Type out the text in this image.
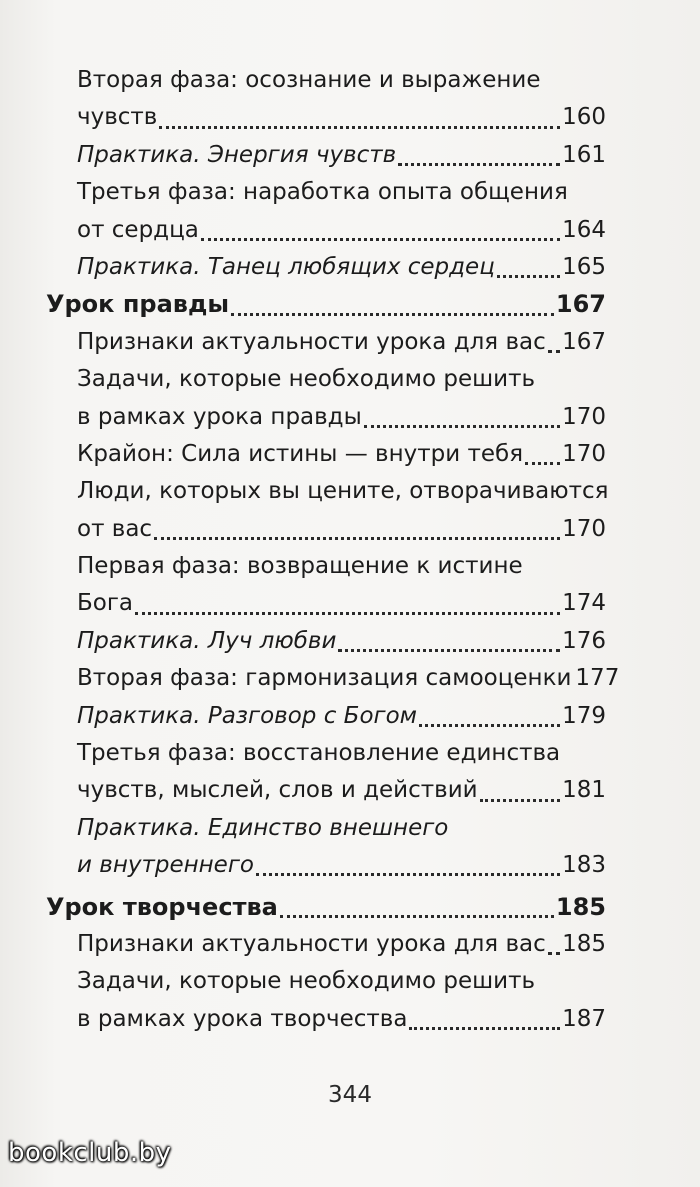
Вторая фаза: осознание и выражение
чувств	160
Практика. Энергия чувств	161
Третья фаза: наработка опыта общения
от сердца	164
Практика. Танец любящих сердец	165
Урок правды	167
Признаки актуальности урока для вас 167
Задачи, которые необходимо решить
в рамках урока правды	170
Крайон: Сила истины — внутри тебя 170
Люди, которых вы цените, отворачиваются
от вас	170
Первая фаза: возвращение к истине
Бога	174
Практика. Луч любви	176
Вторая фаза: гармонизация самооценки 177
Практика. Разговор с Богом	179
Третья фаза: восстановление единства
чувств, мыслей, слов и действий	181
Практика. Единство внешнего
и внутреннего	183
Урок творчества	185
Признаки актуальности урока для вас 185
Задачи, которые необходимо решить
в рамках урока творчества	187
344
bookclub.by
